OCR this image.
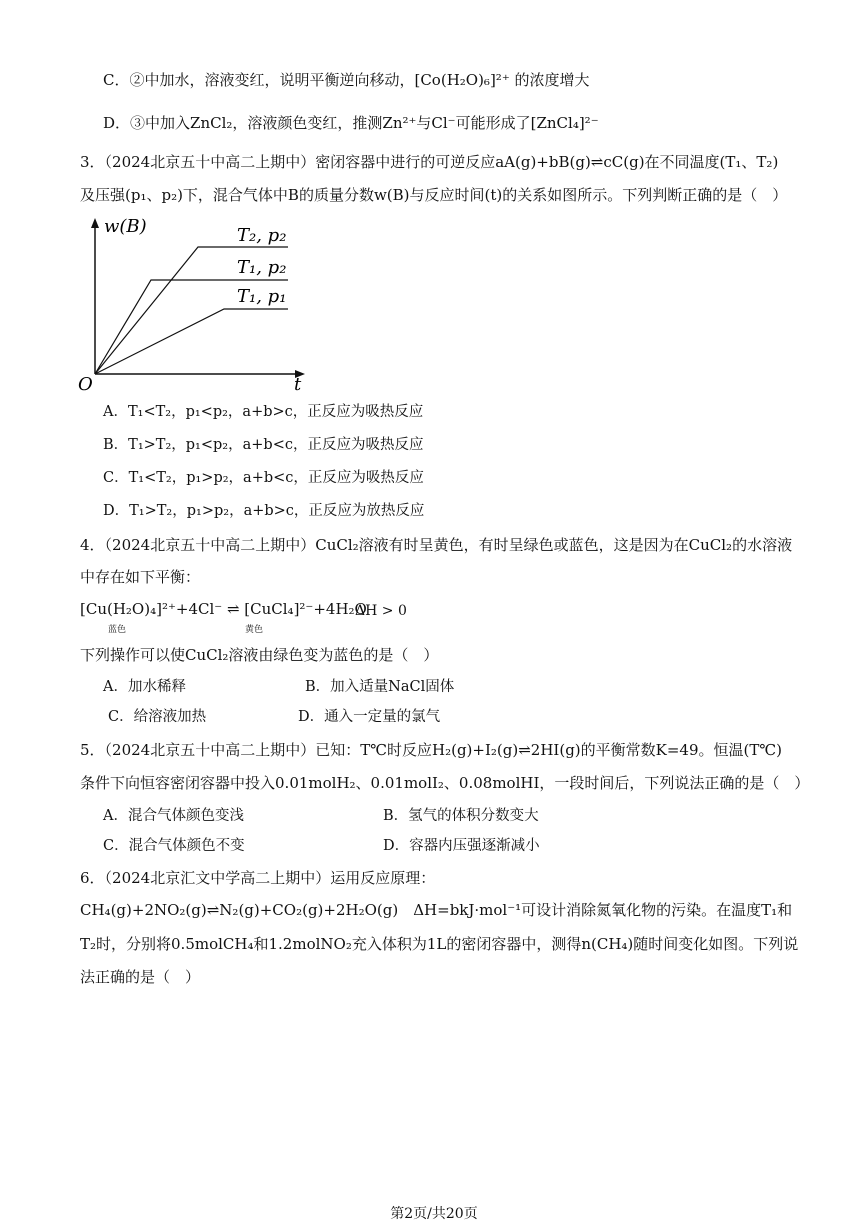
C．②中加水，溶液变红，说明平衡逆向移动，[Co(H₂O)₆]²⁺ 的浓度增大
D．③中加入ZnCl₂，溶液颜色变红，推测Zn²⁺与Cl⁻可能形成了[ZnCl₄]²⁻
3．（2024北京五十中高二上期中）密闭容器中进行的可逆反应aA(g)+bB(g)⇌cC(g)在不同温度(T₁、T₂)
及压强(p₁、p₂)下，混合气体中B的质量分数w(B)与反应时间(t)的关系如图所示。下列判断正确的是（　）
w(B)
O	t
T₂, p₂
T₁, p₂
T₁, p₁
A．T₁<T₂，p₁<p₂，a+b>c，正反应为吸热反应
B．T₁>T₂，p₁<p₂，a+b<c，正反应为吸热反应
C．T₁<T₂，p₁>p₂，a+b<c，正反应为吸热反应
D．T₁>T₂，p₁>p₂，a+b>c，正反应为放热反应
4．（2024北京五十中高二上期中）CuCl₂溶液有时呈黄色，有时呈绿色或蓝色，这是因为在CuCl₂的水溶液
中存在如下平衡：
[Cu(H₂O)₄]²⁺+4Cl⁻ ⇌ [CuCl₄]²⁻+4H₂O
ΔH > 0
蓝色	黄色
下列操作可以使CuCl₂溶液由绿色变为蓝色的是（　）
A．加水稀释	B．加入适量NaCl固体
C．给溶液加热	D．通入一定量的氯气
5．（2024北京五十中高二上期中）已知：T℃时反应H₂(g)+I₂(g)⇌2HI(g)的平衡常数K=49。恒温(T℃)
条件下向恒容密闭容器中投入0.01molH₂、0.01molI₂、0.08molHI，一段时间后，下列说法正确的是（　）
A．混合气体颜色变浅	B．氢气的体积分数变大
C．混合气体颜色不变	D．容器内压强逐渐减小
6．（2024北京汇文中学高二上期中）运用反应原理：
CH₄(g)+2NO₂(g)⇌N₂(g)+CO₂(g)+2H₂O(g)　ΔH=bkJ·mol⁻¹可设计消除氮氧化物的污染。在温度T₁和
T₂时，分别将0.5molCH₄和1.2molNO₂充入体积为1L的密闭容器中，测得n(CH₄)随时间变化如图。下列说
法正确的是（　）
第2页/共20页
